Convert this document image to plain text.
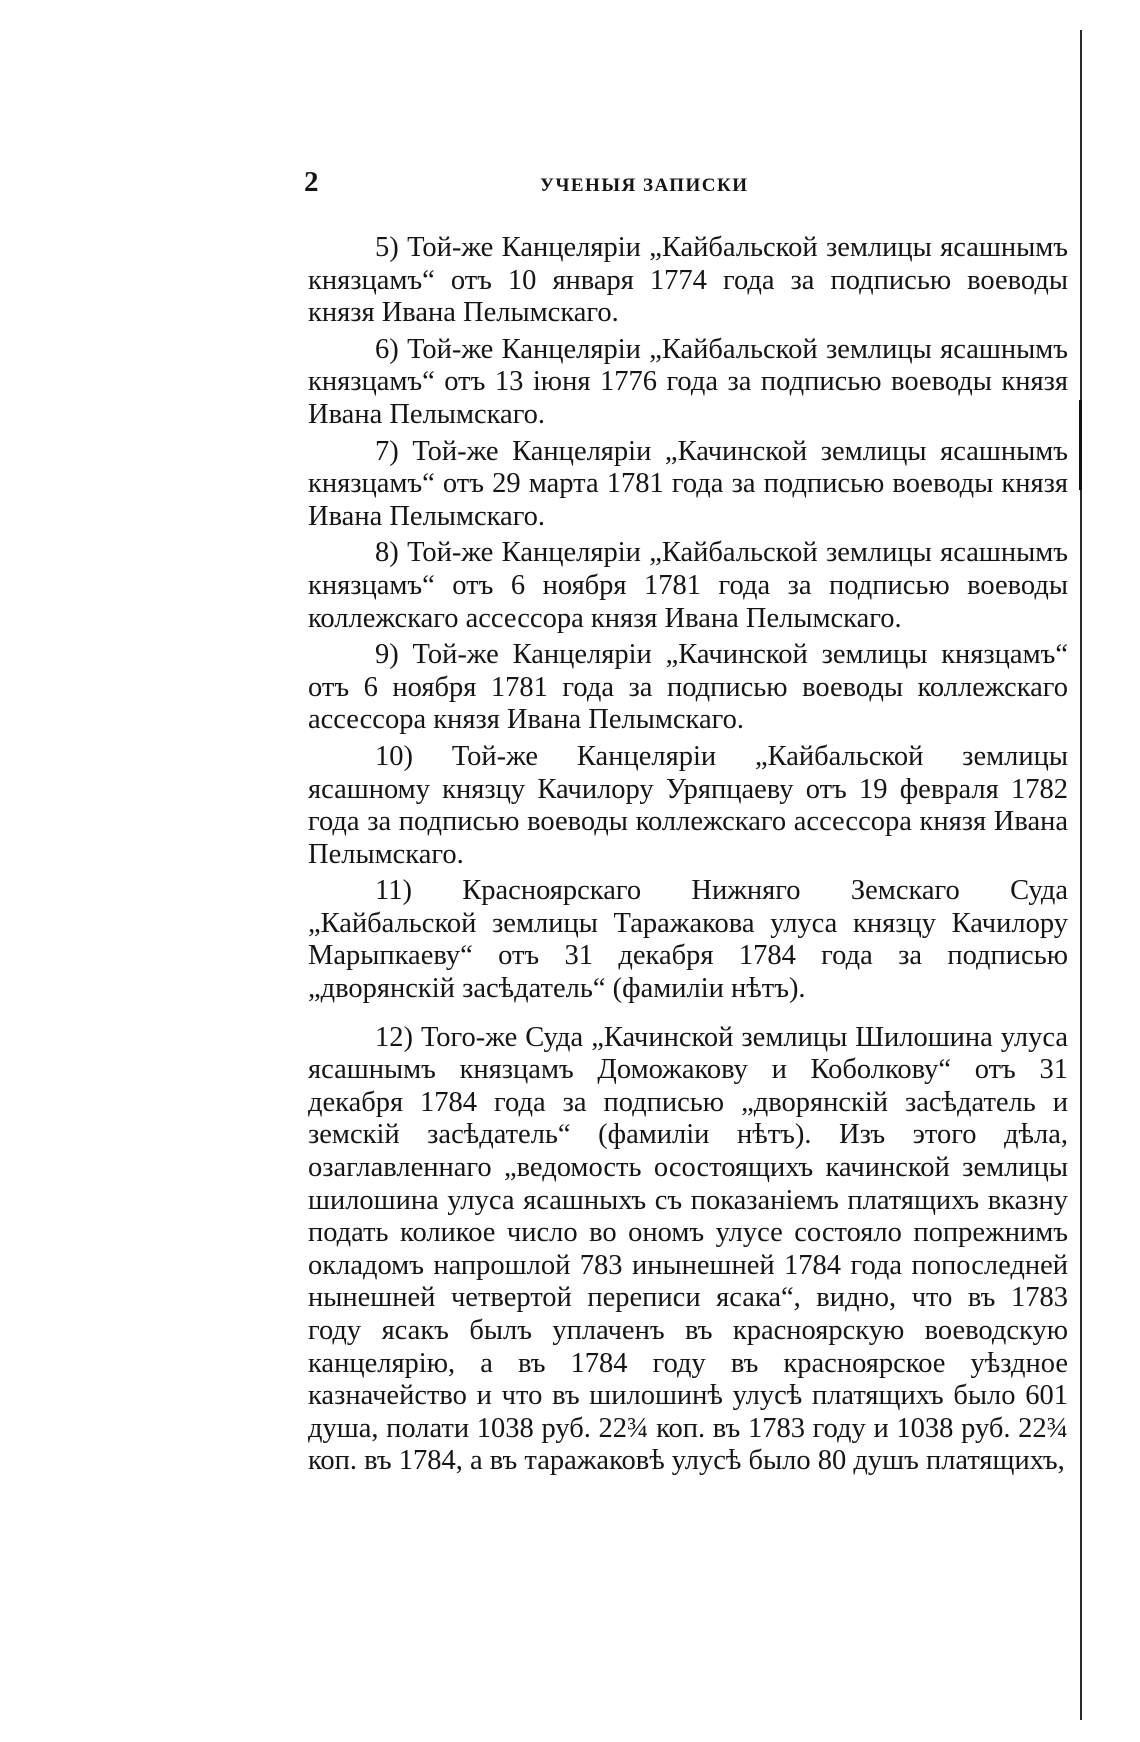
2	УЧЕНЫЯ ЗАПИСКИ

5) Той-же Канцеляріи „Кайбальской землицы ясашнымъ князцамъ“ отъ 10 января 1774 года за подписью воеводы князя Ивана Пелымскаго.

6) Той-же Канцеляріи „Кайбальской землицы ясашнымъ князцамъ“ отъ 13 іюня 1776 года за подписью воеводы князя Ивана Пелымскаго.

7) Той-же Канцеляріи „Качинской землицы ясашнымъ князцамъ“ отъ 29 марта 1781 года за подписью воеводы князя Ивана Пелымскаго.

8) Той-же Канцеляріи „Кайбальской землицы ясашнымъ князцамъ“ отъ 6 ноября 1781 года за подписью воеводы коллежскаго ассессора князя Ивана Пелымскаго.

9) Той-же Канцеляріи „Качинской землицы князцамъ“ отъ 6 ноября 1781 года за подписью воеводы коллежскаго ассессора князя Ивана Пелымскаго.

10) Той-же Канцеляріи „Кайбальской землицы ясашному князцу Качилору Уряпцаеву отъ 19 февраля 1782 года за подписью воеводы коллежскаго ассессора князя Ивана Пелымскаго.

11) Красноярскаго Нижняго Земскаго Суда „Кайбальской землицы Таражакова улуса князцу Качилору Марыпкаеву“ отъ 31 декабря 1784 года за подписью „дворянскій засѣдатель“ (фамиліи нѣтъ).

12) Того-же Суда „Качинской землицы Шилошина улуса ясашнымъ князцамъ Доможакову и Коболкову“ отъ 31 декабря 1784 года за подписью „дворянскій засѣдатель и земскій засѣдатель“ (фамиліи нѣтъ). Изъ этого дѣла, озаглавленнаго „ведомость осостоящихъ качинской землицы шилошина улуса ясашныхъ съ показаніемъ платящихъ вказну подать коликое число во ономъ улусе состояло попрежнимъ окладомъ напрошлой 783 инынешней 1784 года попоследней нынешней четвертой переписи ясака“, видно, что въ 1783 году ясакъ былъ уплаченъ въ красноярскую воеводскую канцелярію, а въ 1784 году въ красноярское уѣздное казначейство и что въ шилошинѣ улусѣ платящихъ было 601 душа, полати 1038 руб. 22¾ коп. въ 1783 году и 1038 руб. 22¾ коп. въ 1784, а въ таражаковѣ улусѣ было 80 душъ платящихъ,
